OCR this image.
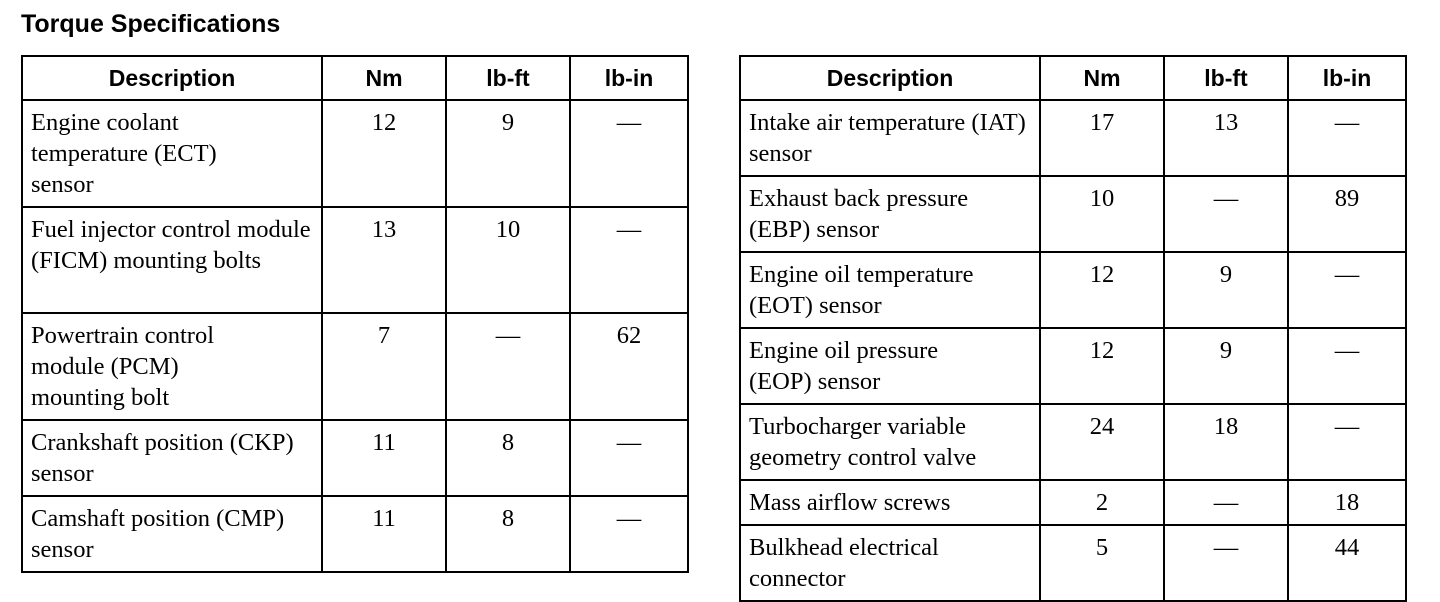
Torque Specifications
Description	Nm	lb-ft	lb-in
Engine coolant temperature (ECT) sensor	12	9	—
Fuel injector control module (FICM) mounting bolts	13	10	—
Powertrain control module (PCM) mounting bolt	7	—	62
Crankshaft position (CKP) sensor	11	8	—
Camshaft position (CMP) sensor	11	8	—
Description	Nm	lb-ft	lb-in
Intake air temperature (IAT) sensor	17	13	—
Exhaust back pressure (EBP) sensor	10	—	89
Engine oil temperature (EOT) sensor	12	9	—
Engine oil pressure (EOP) sensor	12	9	—
Turbocharger variable geometry control valve	24	18	—
Mass airflow screws	2	—	18
Bulkhead electrical connector	5	—	44
